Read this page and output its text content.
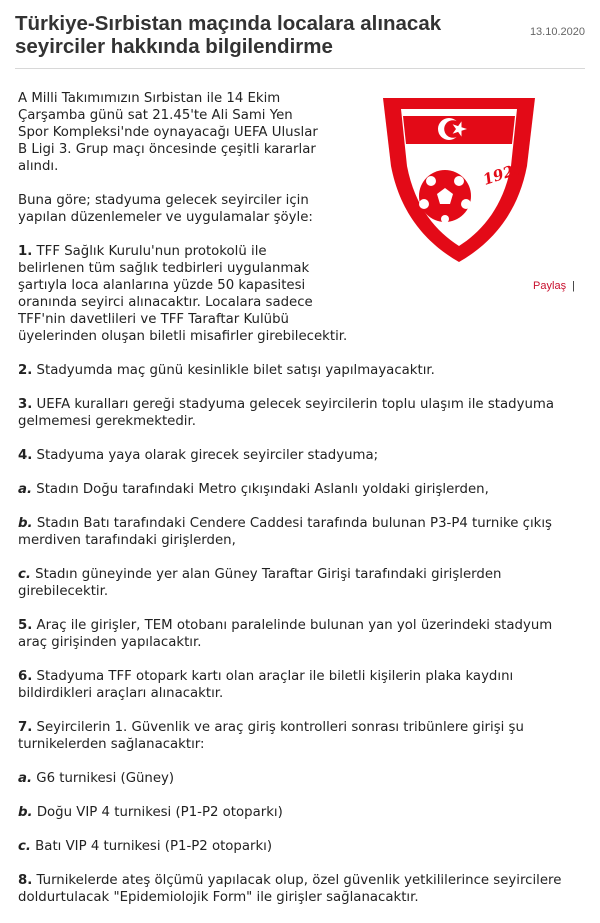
Türkiye-Sırbistan maçında localara alınacak seyirciler hakkında bilgilendirme
13.10.2020
1923
Paylaş |

A Milli Takımımızın Sırbistan ile 14 Ekim Çarşamba günü sat 21.45'te Ali Sami Yen Spor Kompleksi'nde oynayacağı UEFA Uluslar B Ligi 3. Grup maçı öncesinde çeşitli kararlar alındı.

Buna göre; stadyuma gelecek seyirciler için yapılan düzenlemeler ve uygulamalar şöyle:

1. TFF Sağlık Kurulu'nun protokolü ile belirlenen tüm sağlık tedbirleri uygulanmak şartıyla loca alanlarına yüzde 50 kapasitesi oranında seyirci alınacaktır. Localara sadece TFF'nin davetlileri ve TFF Taraftar Kulübü üyelerinden oluşan biletli misafirler girebilecektir.

2. Stadyumda maç günü kesinlikle bilet satışı yapılmayacaktır.

3. UEFA kuralları gereği stadyuma gelecek seyircilerin toplu ulaşım ile stadyuma gelmemesi gerekmektedir.

4. Stadyuma yaya olarak girecek seyirciler stadyuma;

a. Stadın Doğu tarafındaki Metro çıkışındaki Aslanlı yoldaki girişlerden,

b. Stadın Batı tarafındaki Cendere Caddesi tarafında bulunan P3-P4 turnike çıkış merdiven tarafındaki girişlerden,

c. Stadın güneyinde yer alan Güney Taraftar Girişi tarafındaki girişlerden girebilecektir.

5. Araç ile girişler, TEM otobanı paralelinde bulunan yan yol üzerindeki stadyum araç girişinden yapılacaktır.

6. Stadyuma TFF otopark kartı olan araçlar ile biletli kişilerin plaka kaydını bildirdikleri araçları alınacaktır.

7. Seyircilerin 1. Güvenlik ve araç giriş kontrolleri sonrası tribünlere girişi şu turnikelerden sağlanacaktır:

a. G6 turnikesi (Güney)

b. Doğu VIP 4 turnikesi (P1-P2 otoparkı)

c. Batı VIP 4 turnikesi (P1-P2 otoparkı)

8. Turnikelerde ateş ölçümü yapılacak olup, özel güvenlik yetkililerince seyircilere doldurtulacak "Epidemiolojik Form" ile girişler sağlanacaktır.
